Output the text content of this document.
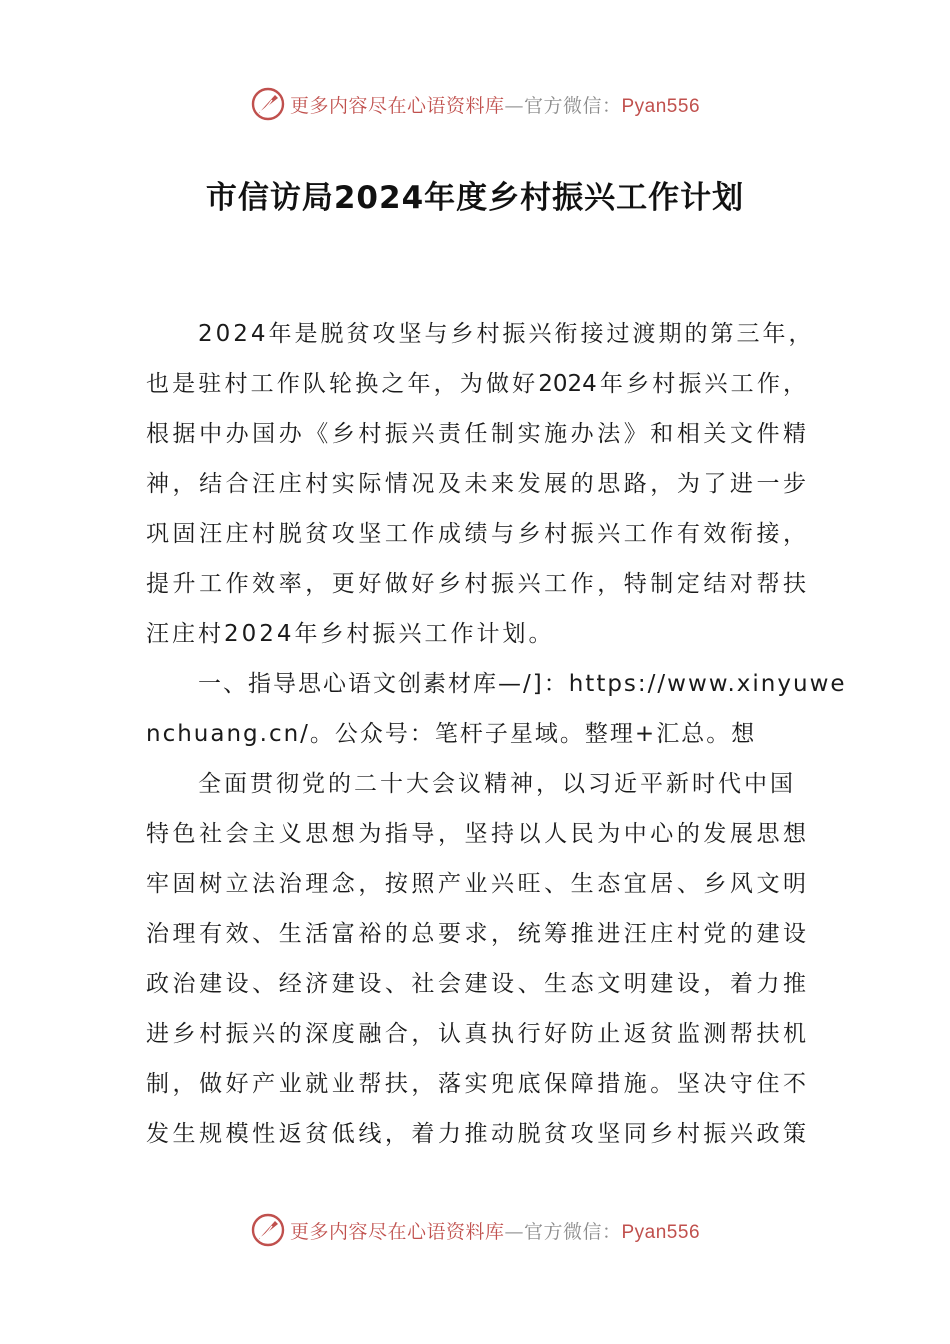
更多内容尽在心语资料库—官方微信：Pyan556
市信访局2024年度乡村振兴工作计划
2024年是脱贫攻坚与乡村振兴衔接过渡期的第三年，
也是驻村工作队轮换之年，为做好2024年乡村振兴工作，
根据中办国办《乡村振兴责任制实施办法》和相关文件精
神，结合汪庄村实际情况及未来发展的思路，为了进一步
巩固汪庄村脱贫攻坚工作成绩与乡村振兴工作有效衔接，
提升工作效率，更好做好乡村振兴工作，特制定结对帮扶
汪庄村2024年乡村振兴工作计划。
一、指导思心语文创素材库—/]：https://www.xinyuwe
nchuang.cn/。公众号：笔杆子星域。整理+汇总。想
全面贯彻党的二十大会议精神，以习近平新时代中国
特色社会主义思想为指导，坚持以人民为中心的发展思想
牢固树立法治理念，按照产业兴旺、生态宜居、乡风文明
治理有效、生活富裕的总要求，统筹推进汪庄村党的建设
政治建设、经济建设、社会建设、生态文明建设，着力推
进乡村振兴的深度融合，认真执行好防止返贫监测帮扶机
制，做好产业就业帮扶，落实兜底保障措施。坚决守住不
发生规模性返贫低线，着力推动脱贫攻坚同乡村振兴政策
更多内容尽在心语资料库—官方微信：Pyan556
